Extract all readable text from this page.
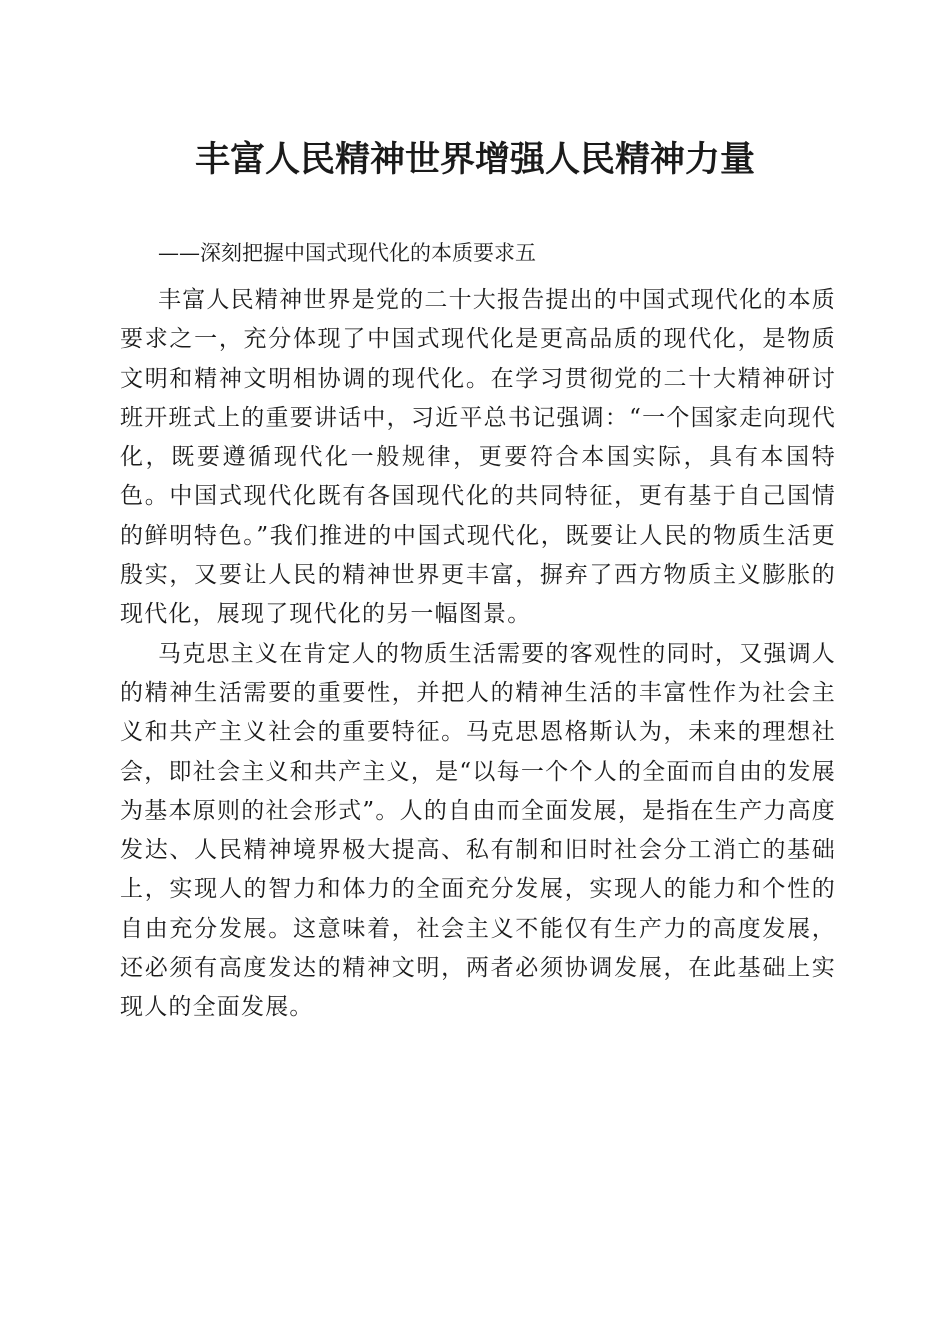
丰富人民精神世界增强人民精神力量

——深刻把握中国式现代化的本质要求五

丰富人民精神世界是党的二十大报告提出的中国式现代化的本质要求之一，充分体现了中国式现代化是更高品质的现代化，是物质文明和精神文明相协调的现代化。在学习贯彻党的二十大精神研讨班开班式上的重要讲话中，习近平总书记强调：“一个国家走向现代化，既要遵循现代化一般规律，更要符合本国实际，具有本国特色。中国式现代化既有各国现代化的共同特征，更有基于自己国情的鲜明特色。”我们推进的中国式现代化，既要让人民的物质生活更殷实，又要让人民的精神世界更丰富，摒弃了西方物质主义膨胀的现代化，展现了现代化的另一幅图景。

马克思主义在肯定人的物质生活需要的客观性的同时，又强调人的精神生活需要的重要性，并把人的精神生活的丰富性作为社会主义和共产主义社会的重要特征。马克思恩格斯认为，未来的理想社会，即社会主义和共产主义，是“以每一个个人的全面而自由的发展为基本原则的社会形式”。人的自由而全面发展，是指在生产力高度发达、人民精神境界极大提高、私有制和旧时社会分工消亡的基础上，实现人的智力和体力的全面充分发展，实现人的能力和个性的自由充分发展。这意味着，社会主义不能仅有生产力的高度发展，还必须有高度发达的精神文明，两者必须协调发展，在此基础上实现人的全面发展。
